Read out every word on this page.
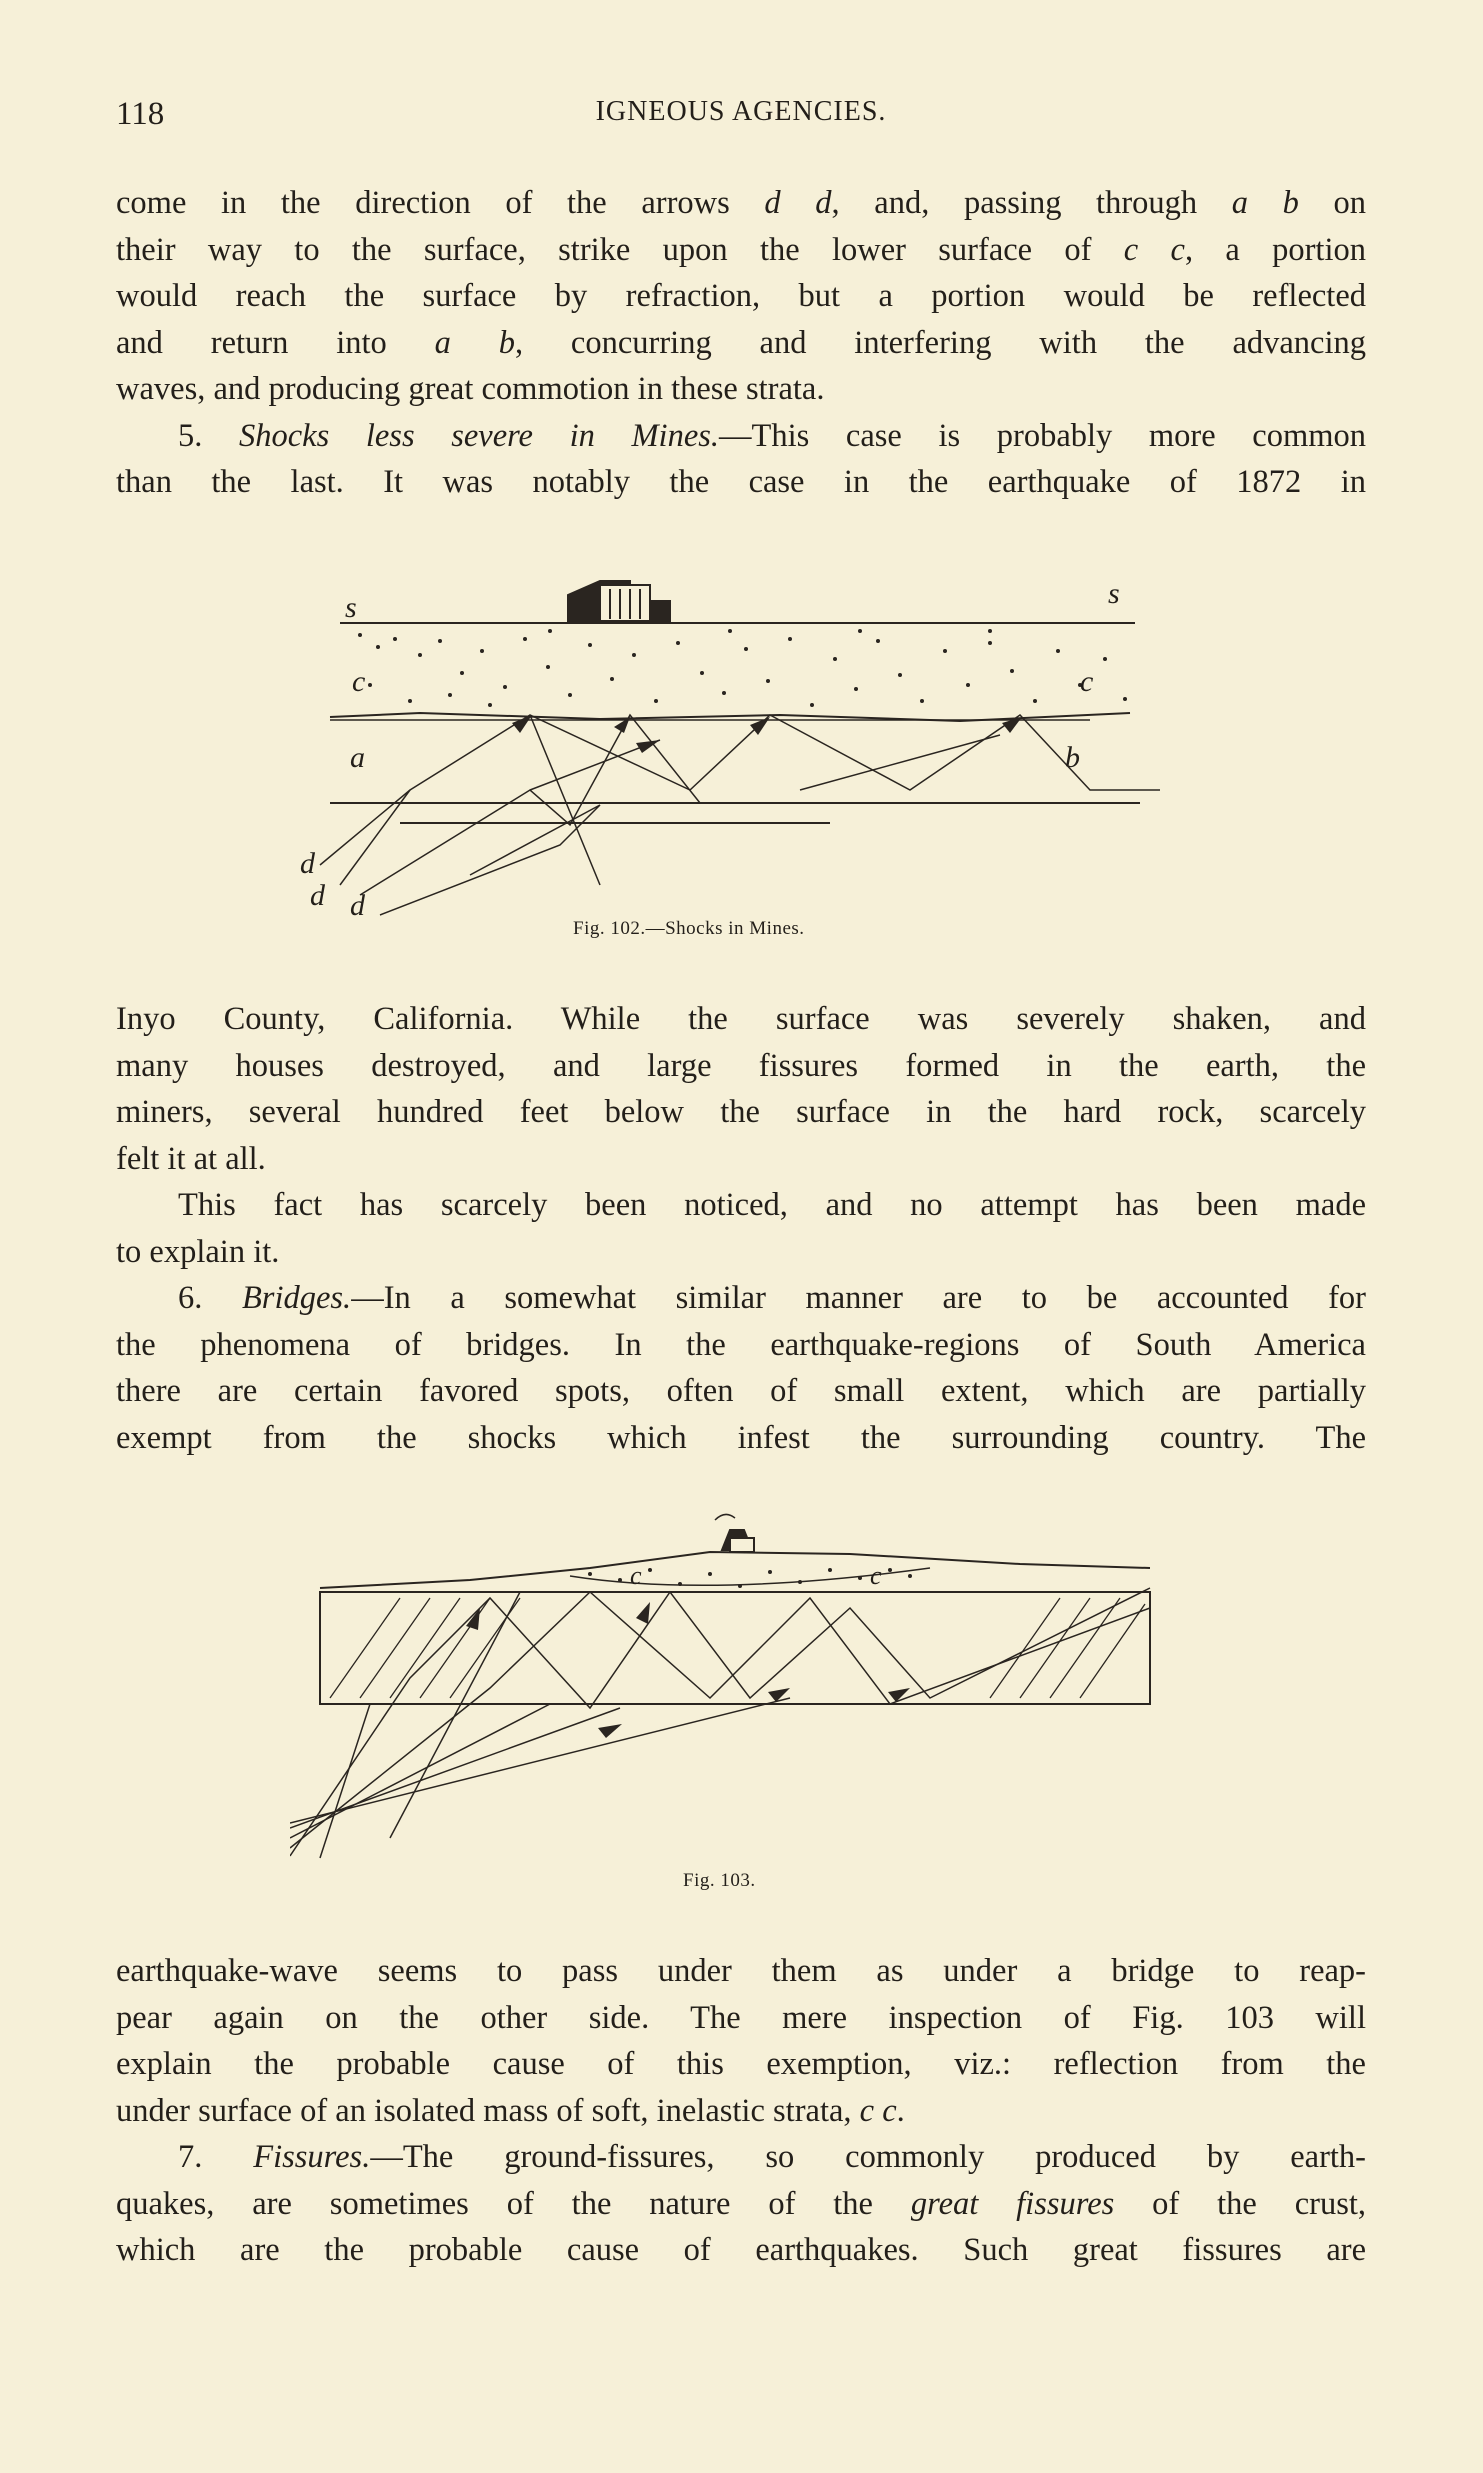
118	IGNEOUS AGENCIES.

come in the direction of the arrows d d, and, passing through a b on

their way to the surface, strike upon the lower surface of c c, a portion

would reach the surface by refraction, but a portion would be reflected

and return into a b, concurring and interfering with the advancing

waves, and producing great commotion in these strata.

5. Shocks less severe in Mines.—This case is probably more common

than the last. It was notably the case in the earthquake of 1872 in

s	s
c	c
a	b
d
d d
Fig. 102.—Shocks in Mines.

Inyo County, California. While the surface was severely shaken, and

many houses destroyed, and large fissures formed in the earth, the

miners, several hundred feet below the surface in the hard rock, scarcely

felt it at all.

This fact has scarcely been noticed, and no attempt has been made

to explain it.

6. Bridges.—In a somewhat similar manner are to be accounted for

the phenomena of bridges. In the earthquake-regions of South America

there are certain favored spots, often of small extent, which are partially

exempt from the shocks which infest the surrounding country. The

c	c
Fig. 103.

earthquake-wave seems to pass under them as under a bridge to reap-

pear again on the other side. The mere inspection of Fig. 103 will

explain the probable cause of this exemption, viz.: reflection from the

under surface of an isolated mass of soft, inelastic strata, c c.

7. Fissures.—The ground-fissures, so commonly produced by earth-

quakes, are sometimes of the nature of the great fissures of the crust,

which are the probable cause of earthquakes. Such great fissures are
